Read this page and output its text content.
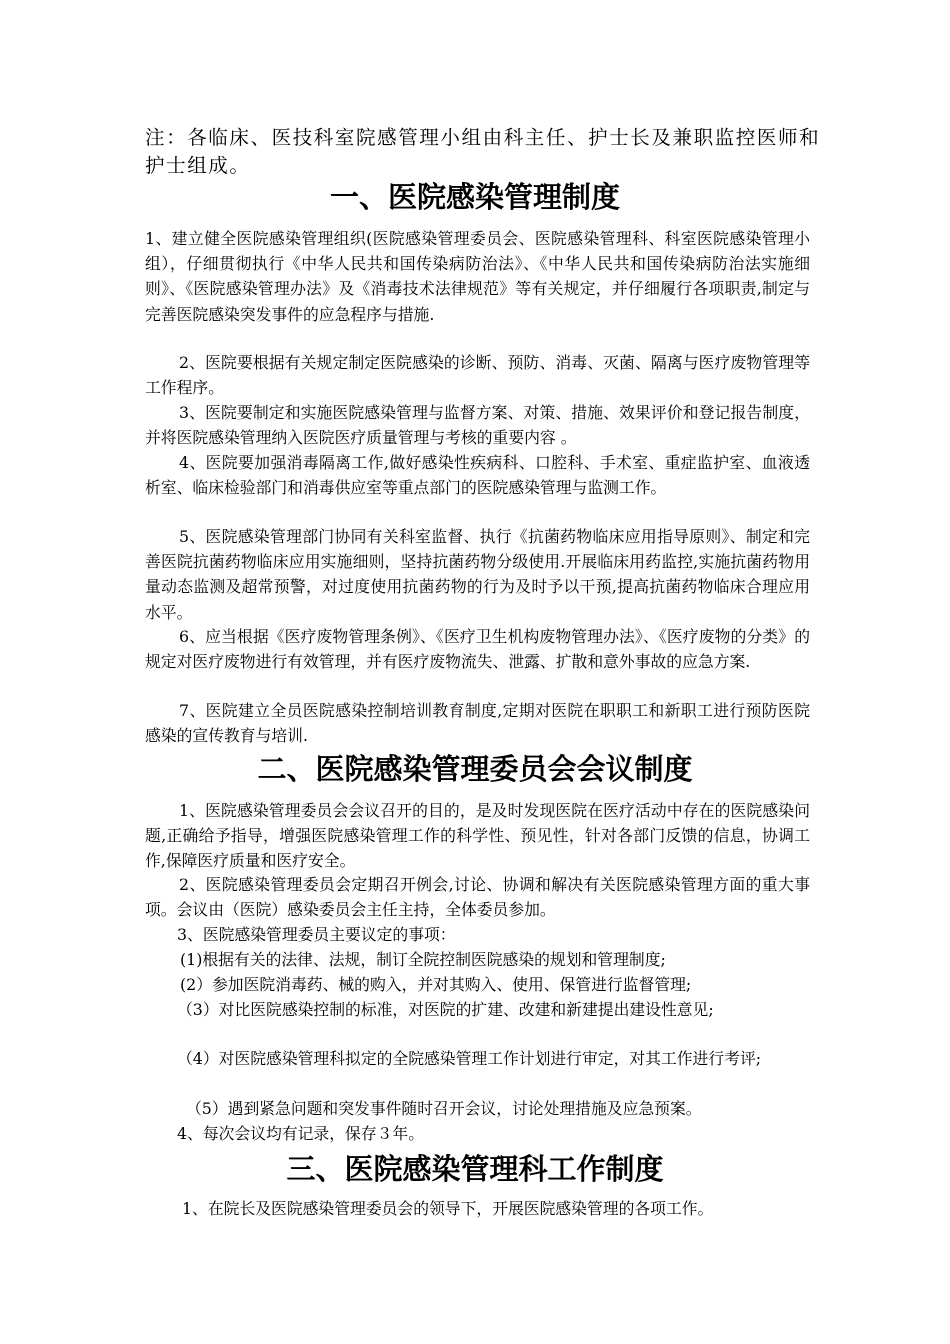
注：各临床、医技科室院感管理小组由科主任、护士长及兼职监控医师和护士组成。

一、医院感染管理制度

1、建立健全医院感染管理组织(医院感染管理委员会、医院感染管理科、科室医院感染管理小组），仔细贯彻执行《中华人民共和国传染病防治法》、《中华人民共和国传染病防治法实施细则》、《医院感染管理办法》及《消毒技术法律规范》等有关规定，并仔细履行各项职责,制定与完善医院感染突发事件的应急程序与措施.

2、医院要根据有关规定制定医院感染的诊断、预防、消毒、灭菌、隔离与医疗废物管理等工作程序。

3、医院要制定和实施医院感染管理与监督方案、对策、措施、效果评价和登记报告制度，并将医院感染管理纳入医院医疗质量管理与考核的重要内容 。

4、医院要加强消毒隔离工作,做好感染性疾病科、口腔科、手术室、重症监护室、血液透析室、临床检验部门和消毒供应室等重点部门的医院感染管理与监测工作。

5、医院感染管理部门协同有关科室监督、执行《抗菌药物临床应用指导原则》、制定和完善医院抗菌药物临床应用实施细则，坚持抗菌药物分级使用.开展临床用药监控,实施抗菌药物用量动态监测及超常预警，对过度使用抗菌药物的行为及时予以干预,提高抗菌药物临床合理应用水平。

6、应当根据《医疗废物管理条例》、《医疗卫生机构废物管理办法》、《医疗废物的分类》的规定对医疗废物进行有效管理，并有医疗废物流失、泄露、扩散和意外事故的应急方案.

7、医院建立全员医院感染控制培训教育制度,定期对医院在职职工和新职工进行预防医院感染的宣传教育与培训.

二、医院感染管理委员会会议制度

1、医院感染管理委员会会议召开的目的，是及时发现医院在医疗活动中存在的医院感染问题,正确给予指导，增强医院感染管理工作的科学性、预见性，针对各部门反馈的信息，协调工作,保障医疗质量和医疗安全。

2、医院感染管理委员会定期召开例会,讨论、协调和解决有关医院感染管理方面的重大事项。会议由（医院）感染委员会主任主持，全体委员参加。

3、医院感染管理委员主要议定的事项：

(1)根据有关的法律、法规，制订全院控制医院感染的规划和管理制度;

(2）参加医院消毒药、械的购入，并对其购入、使用、保管进行监督管理;

（3）对比医院感染控制的标准，对医院的扩建、改建和新建提出建设性意见;

（4）对医院感染管理科拟定的全院感染管理工作计划进行审定，对其工作进行考评;

（5）遇到紧急问题和突发事件随时召开会议，讨论处理措施及应急预案。

4、每次会议均有记录，保存３年。

三、医院感染管理科工作制度

1、在院长及医院感染管理委员会的领导下，开展医院感染管理的各项工作。
